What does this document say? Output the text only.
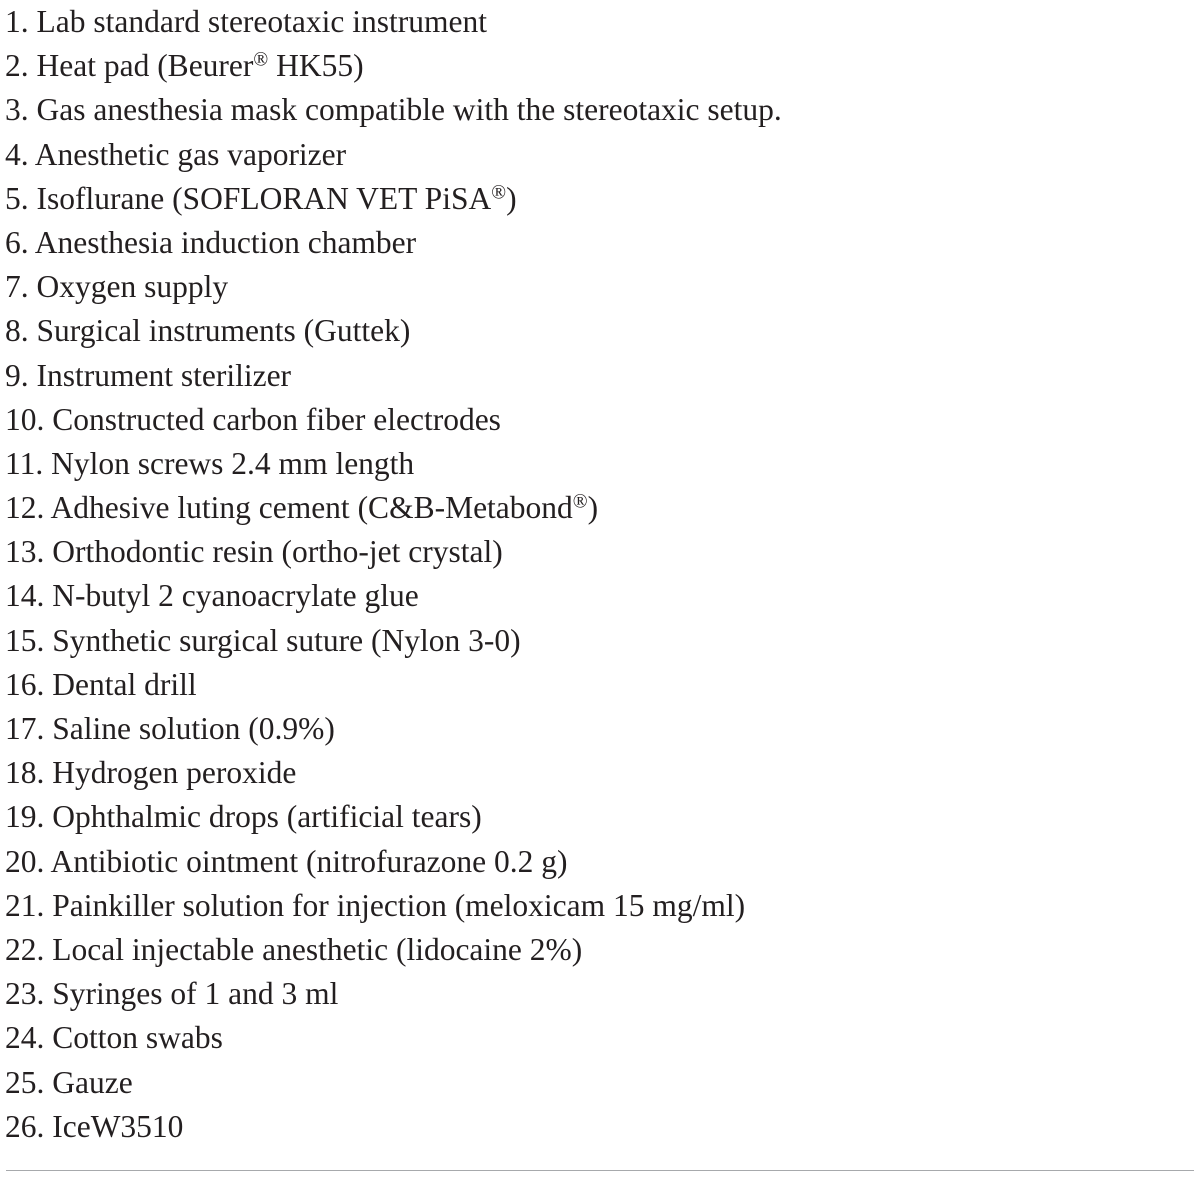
1. Lab standard stereotaxic instrument
2. Heat pad (Beurer® HK55)
3. Gas anesthesia mask compatible with the stereotaxic setup.
4. Anesthetic gas vaporizer
5. Isoflurane (SOFLORAN VET PiSA®)
6. Anesthesia induction chamber
7. Oxygen supply
8. Surgical instruments (Guttek)
9. Instrument sterilizer
10. Constructed carbon fiber electrodes
11. Nylon screws 2.4 mm length
12. Adhesive luting cement (C&B-Metabond®)
13. Orthodontic resin (ortho-jet crystal)
14. N-butyl 2 cyanoacrylate glue
15. Synthetic surgical suture (Nylon 3-0)
16. Dental drill
17. Saline solution (0.9%)
18. Hydrogen peroxide
19. Ophthalmic drops (artificial tears)
20. Antibiotic ointment (nitrofurazone 0.2 g)
21. Painkiller solution for injection (meloxicam 15 mg/ml)
22. Local injectable anesthetic (lidocaine 2%)
23. Syringes of 1 and 3 ml
24. Cotton swabs
25. Gauze
26. IceW3510
